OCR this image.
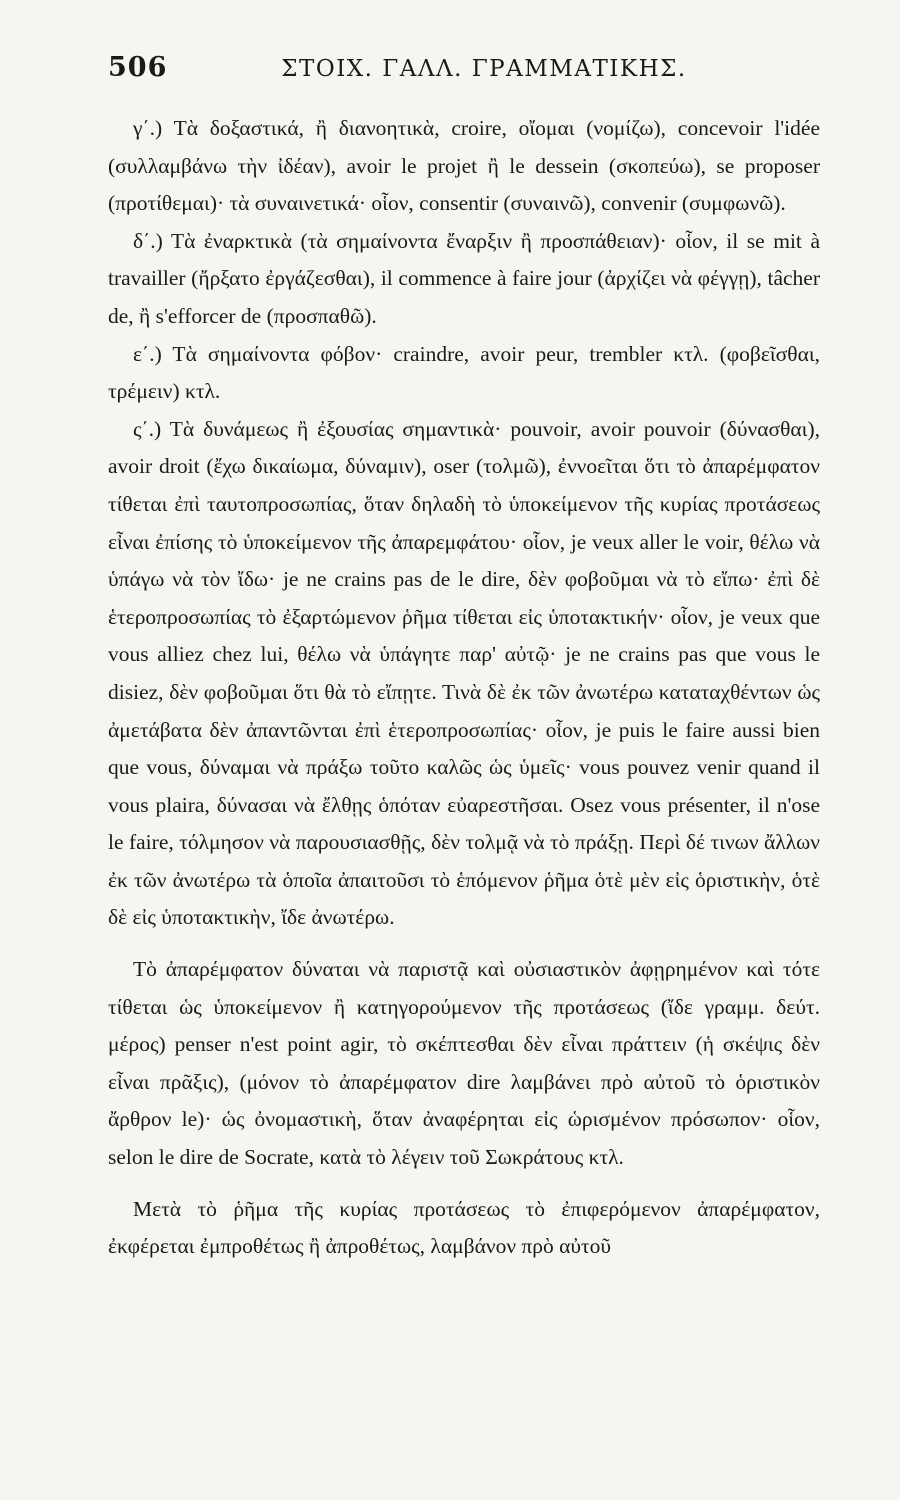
506	ΣΤΟΙΧ. ΓΑΛΛ. ΓΡΑΜΜΑΤΙΚΗΣ.

γ΄.) Τὰ δοξαστικά, ἢ διανοητικὰ, croire, οἴομαι (νομίζω), concevoir l'idée (συλλαμβάνω τὴν ἰδέαν), avoir le projet ἢ le dessein (σκοπεύω), se proposer (προτίθεμαι)· τὰ συναινετικά· οἷον, consentir (συναινῶ), convenir (συμφωνῶ).

δ΄.) Τὰ ἐναρκτικὰ (τὰ σημαίνοντα ἔναρξιν ἢ προσπάθειαν)· οἷον, il se mit à travailler (ἤρξατο ἐργάζεσθαι), il commence à faire jour (ἀρχίζει νὰ φέγγῃ), tâcher de, ἢ s'efforcer de (προσπαθῶ).

ε΄.) Τὰ σημαίνοντα φόβον· craindre, avoir peur, trembler κτλ. (φοβεῖσθαι, τρέμειν) κτλ.

ς΄.) Τὰ δυνάμεως ἢ ἐξουσίας σημαντικὰ· pouvoir, avoir pouvoir (δύνασθαι), avoir droit (ἔχω δικαίωμα, δύναμιν), oser (τολμῶ), ἐννοεῖται ὅτι τὸ ἀπαρέμφατον τίθεται ἐπὶ ταυτοπροσωπίας, ὅταν δηλαδὴ τὸ ὑποκείμενον τῆς κυρίας προτάσεως εἶναι ἐπίσης τὸ ὑποκείμενον τῆς ἀπαρεμφάτου· οἷον, je veux aller le voir, θέλω νὰ ὑπάγω νὰ τὸν ἴδω· je ne crains pas de le dire, δὲν φοβοῦμαι νὰ τὸ εἴπω· ἐπὶ δὲ ἑτεροπροσωπίας τὸ ἐξαρτώμενον ῥῆμα τίθεται εἰς ὑποτακτικήν· οἷον, je veux que vous alliez chez lui, θέλω νὰ ὑπάγητε παρ' αὐτῷ· je ne crains pas que vous le disiez, δὲν φοβοῦμαι ὅτι θὰ τὸ εἴπῃτε. Τινὰ δὲ ἐκ τῶν ἀνωτέρω καταταχθέντων ὡς ἀμετάβατα δὲν ἀπαντῶνται ἐπὶ ἑτεροπροσωπίας· οἷον, je puis le faire aussi bien que vous, δύναμαι νὰ πράξω τοῦτο καλῶς ὡς ὑμεῖς· vous pouvez venir quand il vous plaira, δύνασαι νὰ ἔλθῃς ὁπόταν εὐαρεστῆσαι. Osez vous présenter, il n'ose le faire, τόλμησον νὰ παρουσιασθῇς, δὲν τολμᾷ νὰ τὸ πράξῃ. Περὶ δέ τινων ἄλλων ἐκ τῶν ἀνωτέρω τὰ ὁποῖα ἀπαιτοῦσι τὸ ἑπόμενον ῥῆμα ὁτὲ μὲν εἰς ὁριστικὴν, ὁτὲ δὲ εἰς ὑποτακτικὴν, ἴδε ἀνωτέρω.

Τὸ ἀπαρέμφατον δύναται νὰ παριστᾷ καὶ οὐσιαστικὸν ἀφῃρημένον καὶ τότε τίθεται ὡς ὑποκείμενον ἢ κατηγορούμενον τῆς προτάσεως (ἴδε γραμμ. δεύτ. μέρος) penser n'est point agir, τὸ σκέπτεσθαι δὲν εἶναι πράττειν (ἡ σκέψις δὲν εἶναι πρᾶξις), (μόνον τὸ ἀπαρέμφατον dire λαμβάνει πρὸ αὐτοῦ τὸ ὁριστικὸν ἄρθρον le)· ὡς ὀνομαστικὴ, ὅταν ἀναφέρηται εἰς ὡρισμένον πρόσωπον· οἷον, selon le dire de Socrate, κατὰ τὸ λέγειν τοῦ Σωκράτους κτλ.

Μετὰ τὸ ῥῆμα τῆς κυρίας προτάσεως τὸ ἐπιφερόμενον ἀπαρέμφατον, ἐκφέρεται ἐμπροθέτως ἢ ἀπροθέτως, λαμβάνον πρὸ αὐτοῦ
